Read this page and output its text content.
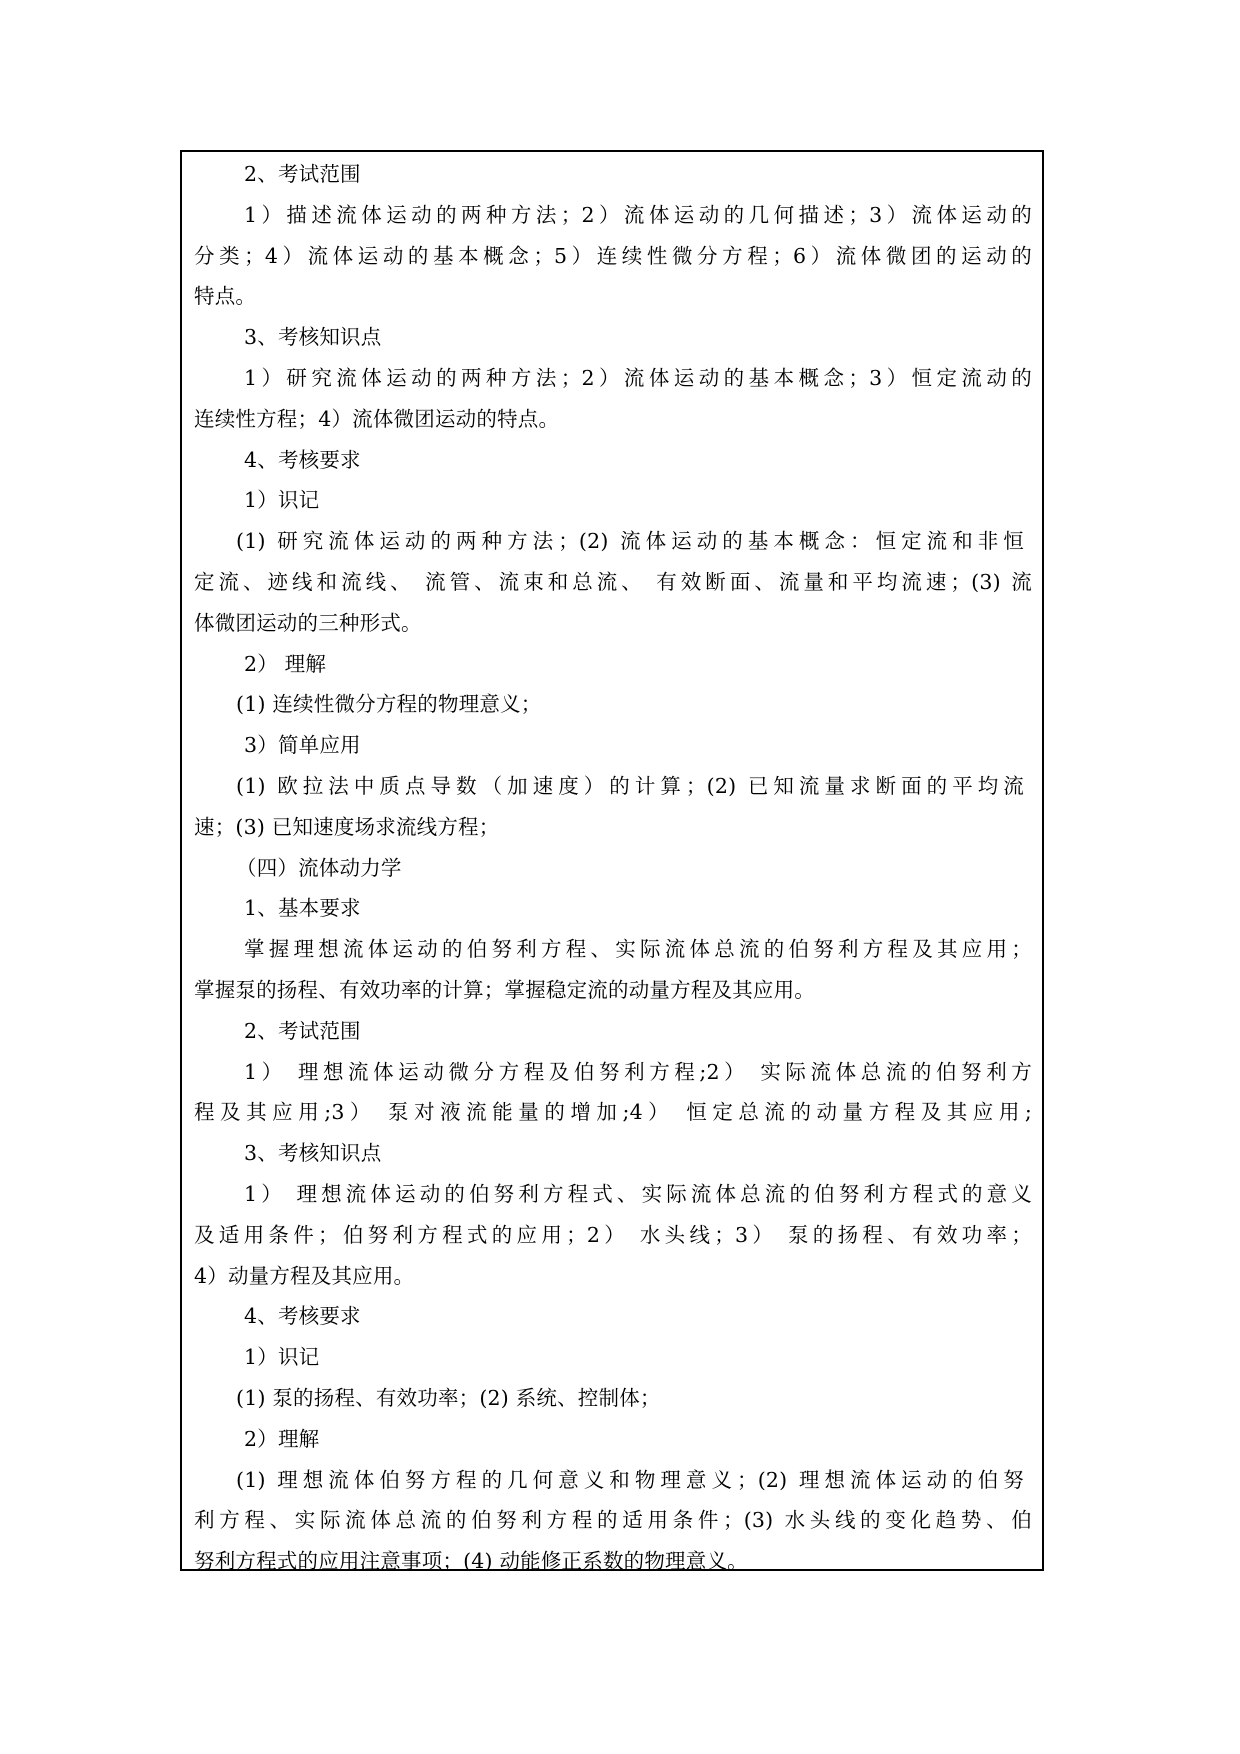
2、考试范围
1）描述流体运动的两种方法；2）流体运动的几何描述；3）流体运动的
分类；4）流体运动的基本概念；5）连续性微分方程；6）流体微团的运动的
特点。
3、考核知识点
1）研究流体运动的两种方法；2）流体运动的基本概念；3）恒定流动的
连续性方程；4）流体微团运动的特点。
4、考核要求
1）识记
(1) 研究流体运动的两种方法；(2) 流体运动的基本概念：恒定流和非恒
定流、迹线和流线、 流管、流束和总流、 有效断面、流量和平均流速；(3) 流
体微团运动的三种形式。
2） 理解
(1) 连续性微分方程的物理意义；
3）简单应用
(1) 欧拉法中质点导数（加速度）的计算；(2) 已知流量求断面的平均流
速；(3) 已知速度场求流线方程；
（四）流体动力学
1、基本要求
掌握理想流体运动的伯努利方程、实际流体总流的伯努利方程及其应用；
掌握泵的扬程、有效功率的计算；掌握稳定流的动量方程及其应用。
2、考试范围
1） 理想流体运动微分方程及伯努利方程;2） 实际流体总流的伯努利方
程及其应用;3） 泵对液流能量的增加;4） 恒定总流的动量方程及其应用;
3、考核知识点
1） 理想流体运动的伯努利方程式、实际流体总流的伯努利方程式的意义
及适用条件；伯努利方程式的应用；2） 水头线；3） 泵的扬程、有效功率；
4）动量方程及其应用。
4、考核要求
1）识记
(1) 泵的扬程、有效功率；(2) 系统、控制体；
2）理解
(1) 理想流体伯努方程的几何意义和物理意义；(2) 理想流体运动的伯努
利方程、实际流体总流的伯努利方程的适用条件；(3) 水头线的变化趋势、伯
努利方程式的应用注意事项；(4) 动能修正系数的物理意义。
